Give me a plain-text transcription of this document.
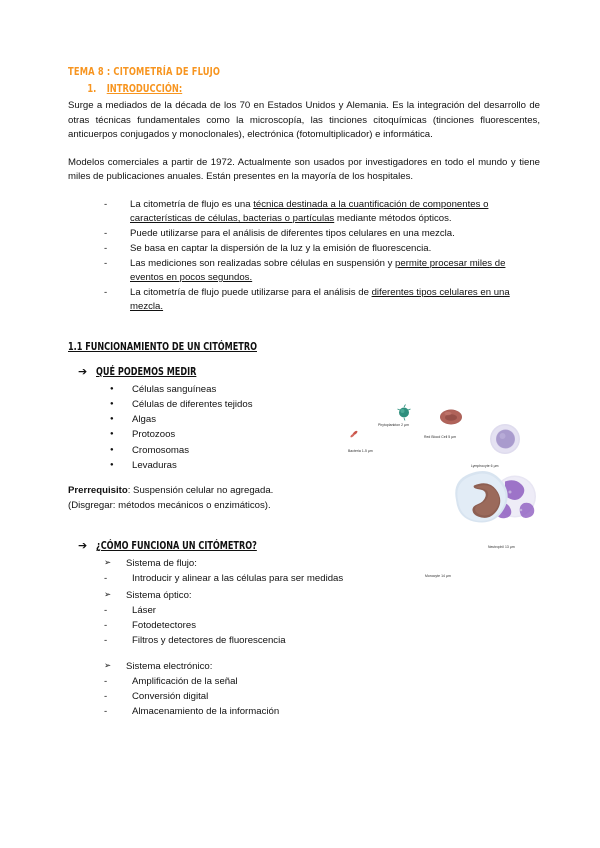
TEMA 8 : CITOMETRÍA DE FLUJO
1. INTRODUCCIÓN:

Surge a mediados de la década de los 70 en Estados Unidos y Alemania. Es la integración del desarrollo de otras técnicas fundamentales como la microscopía, las tinciones citoquímicas (tinciones fluorescentes, anticuerpos conjugados y monoclonales), electrónica (fotomultiplicador) e informática.

Modelos comerciales a partir de 1972. Actualmente son usados por investigadores en todo el mundo y tiene miles de publicaciones anuales. Están presentes en la mayoría de los hospitales.

- La citometría de flujo es una técnica destinada a la cuantificación de componentes o características de células, bacterias o partículas mediante métodos ópticos.
- Puede utilizarse para el análisis de diferentes tipos celulares en una mezcla.
- Se basa en captar la dispersión de la luz y la emisión de fluorescencia.
- Las mediciones son realizadas sobre células en suspensión y permite procesar miles de eventos en pocos segundos.
- La citometría de flujo puede utilizarse para el análisis de diferentes tipos celulares en una mezcla.
1.1 FUNCIONAMIENTO DE UN CITÓMETRO
➔ QUÉ PODEMOS MEDIR
● Células sanguíneas
● Células de diferentes tejidos
● Algas
● Protozoos
● Cromosomas
● Levaduras
Prerrequisito: Suspensión celular no agregada.
(Disgregar: métodos mecánicos o enzimáticos).
➔ ¿CÓMO FUNCIONA UN CITÓMETRO?
➢ Sistema de flujo:
- Introducir y alinear a las células para ser medidas
➢ Sistema óptico:
- Láser
- Fotodetectores
- Filtros y detectores de fluorescencia
➢ Sistema electrónico:
- Amplificación de la señal
- Conversión digital
- Almacenamiento de la información
Bacteria 1-5 µm
Phytoplankton 2 µm
Red Blood Cell 5 µm
Lymphocyte 6 µm
Neutrophil 13 µm
Monocyte 14 µm
